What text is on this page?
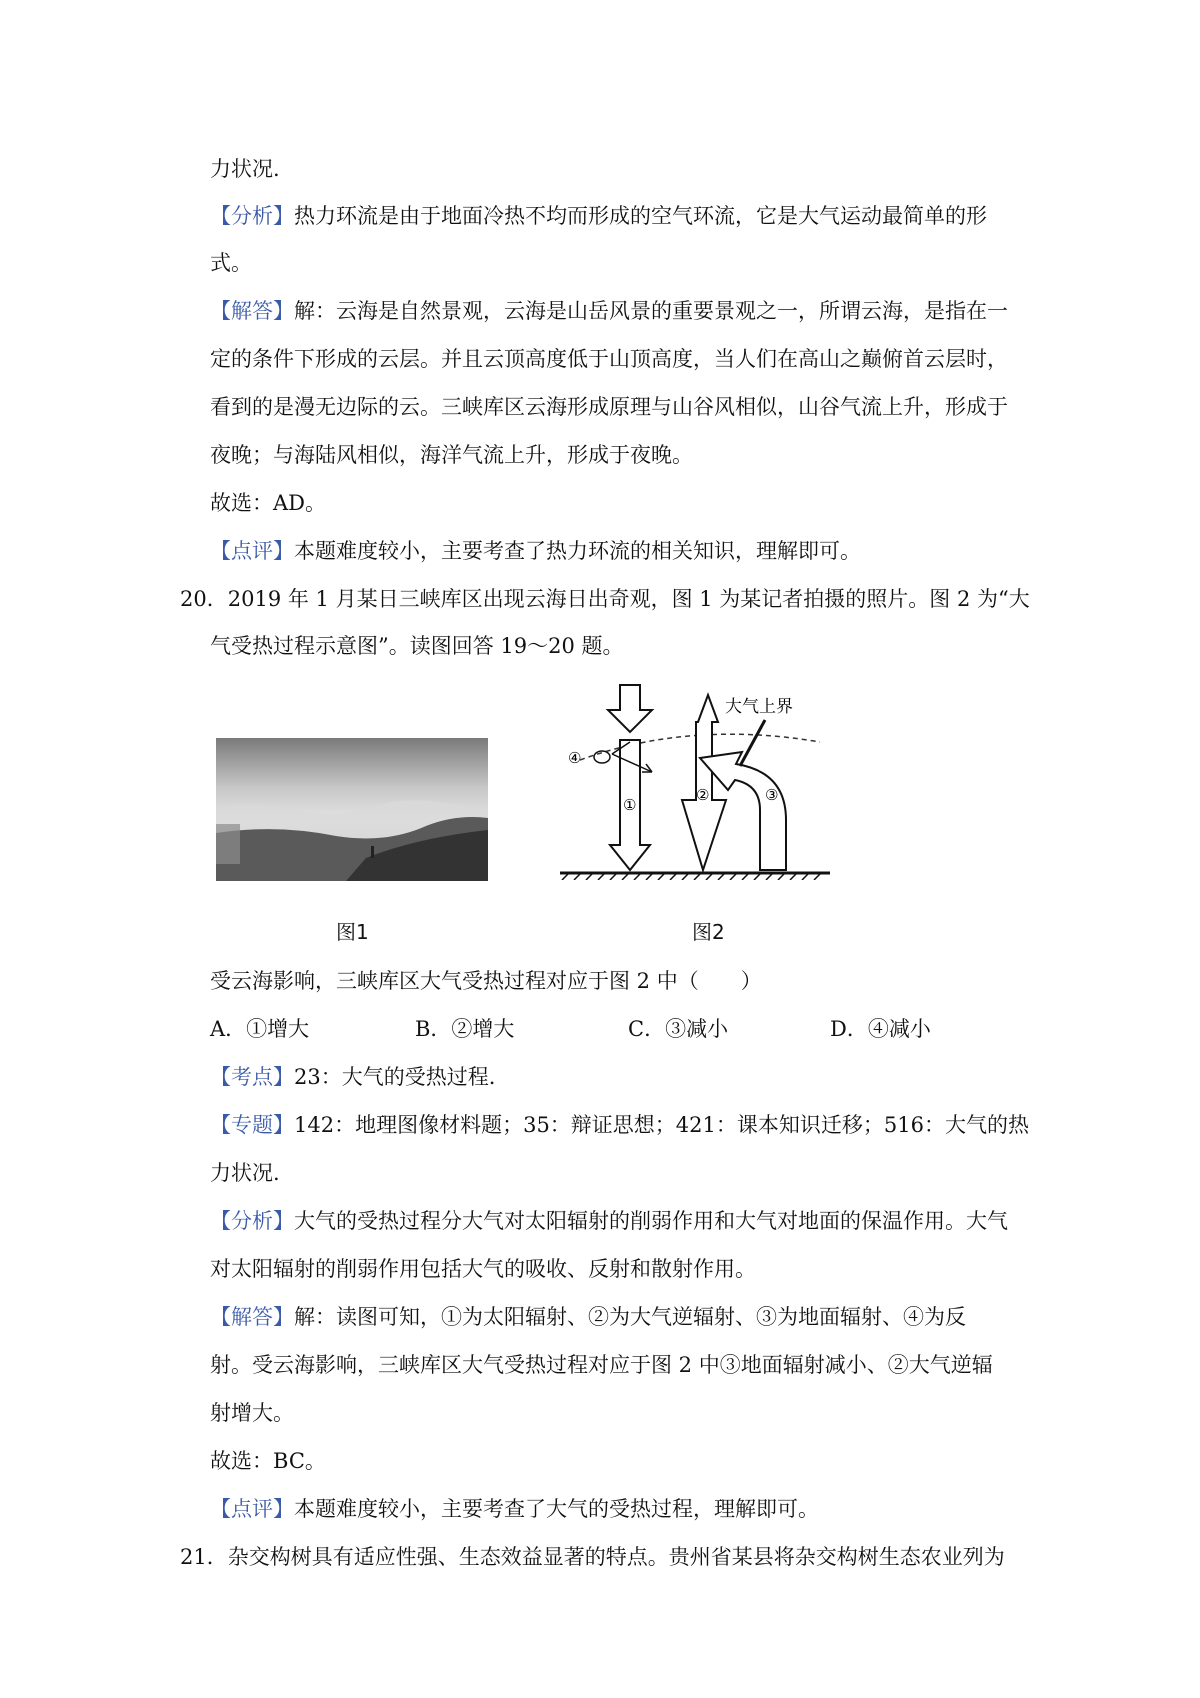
力状况.
【分析】热力环流是由于地面冷热不均而形成的空气环流，它是大气运动最简单的形
式。
【解答】解：云海是自然景观，云海是山岳风景的重要景观之一，所谓云海，是指在一
定的条件下形成的云层。并且云顶高度低于山顶高度，当人们在高山之巅俯首云层时，
看到的是漫无边际的云。三峡库区云海形成原理与山谷风相似，山谷气流上升，形成于
夜晚；与海陆风相似，海洋气流上升，形成于夜晚。
故选：AD。
【点评】本题难度较小，主要考查了热力环流的相关知识，理解即可。
20．2019 年 1 月某日三峡库区出现云海日出奇观，图 1 为某记者拍摄的照片。图 2 为“大
气受热过程示意图”。读图回答 19～20 题。
图1
大气上界
①
②	③
④
图2
受云海影响，三峡库区大气受热过程对应于图 2 中（　　）
A．①增大	B．②增大	C．③减小	D．④减小
【考点】23：大气的受热过程.
【专题】142：地理图像材料题；35：辩证思想；421：课本知识迁移；516：大气的热
力状况.
【分析】大气的受热过程分大气对太阳辐射的削弱作用和大气对地面的保温作用。大气
对太阳辐射的削弱作用包括大气的吸收、反射和散射作用。
【解答】解：读图可知，①为太阳辐射、②为大气逆辐射、③为地面辐射、④为反
射。受云海影响，三峡库区大气受热过程对应于图 2 中③地面辐射减小、②大气逆辐
射增大。
故选：BC。
【点评】本题难度较小，主要考查了大气的受热过程，理解即可。
21．杂交构树具有适应性强、生态效益显著的特点。贵州省某县将杂交构树生态农业列为
